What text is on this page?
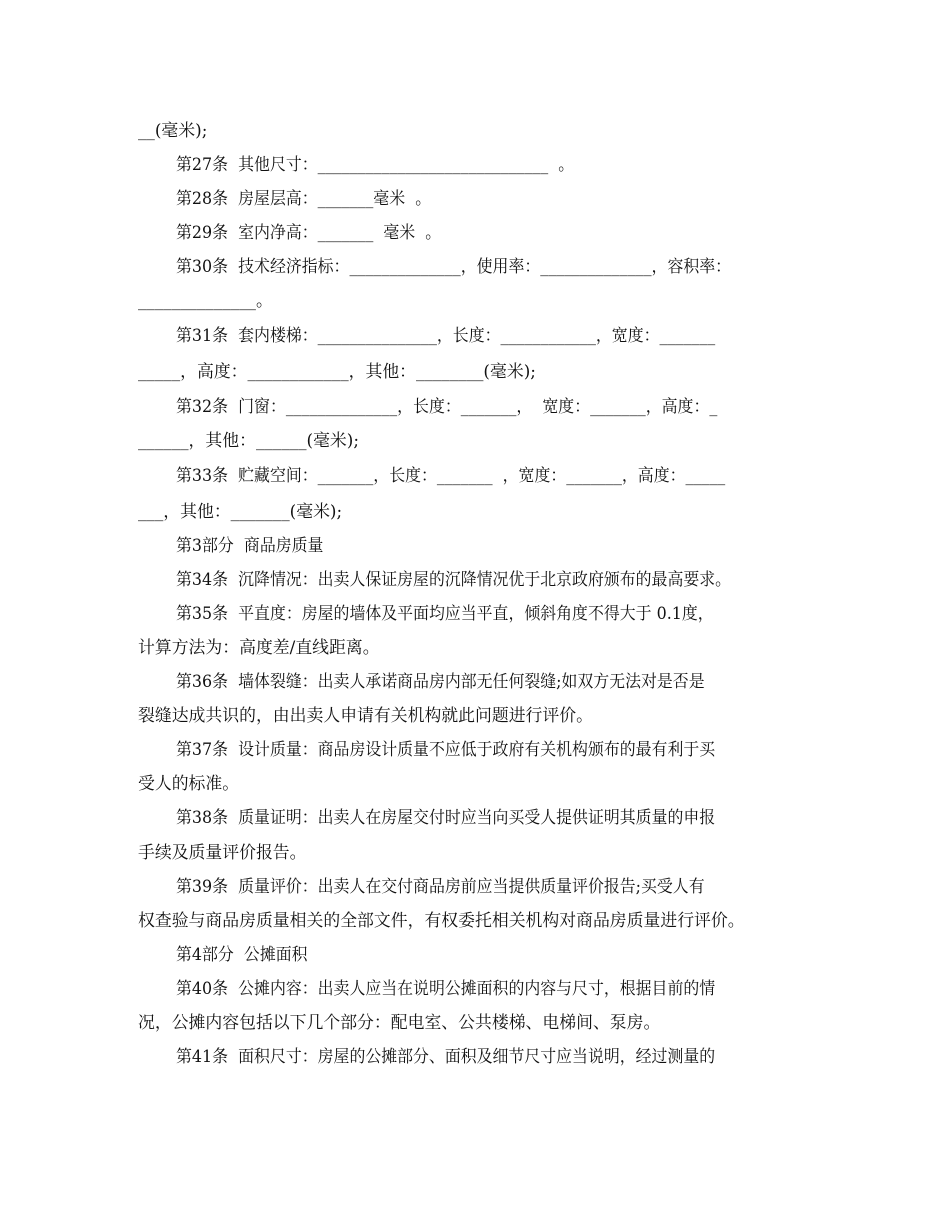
__(毫米);
第27条  其他尺寸：_____________________________  。
第28条  房屋层高：_______毫米  。
第29条  室内净高：_______  毫米  。
第30条  技术经济指标：______________，使用率：______________，容积率：
______________。
第31条  套内楼梯：_______________，长度：____________，宽度：_______
_____，高度：____________，其他：________(毫米);
第32条  门窗：______________，长度：_______，  宽度：_______，高度：_
______，其他：______(毫米);
第33条  贮藏空间：_______，长度：_______  ，宽度：_______，高度：_____
___，其他：_______(毫米);
第3部分  商品房质量
第34条  沉降情况：出卖人保证房屋的沉降情况优于北京政府颁布的最高要求。
第35条  平直度：房屋的墙体及平面均应当平直，倾斜角度不得大于 0.1度，
计算方法为：高度差/直线距离。
第36条  墙体裂缝：出卖人承诺商品房内部无任何裂缝;如双方无法对是否是
裂缝达成共识的，由出卖人申请有关机构就此问题进行评价。
第37条  设计质量：商品房设计质量不应低于政府有关机构颁布的最有利于买
受人的标准。
第38条  质量证明：出卖人在房屋交付时应当向买受人提供证明其质量的申报
手续及质量评价报告。
第39条  质量评价：出卖人在交付商品房前应当提供质量评价报告;买受人有
权查验与商品房质量相关的全部文件，有权委托相关机构对商品房质量进行评价。
第4部分  公摊面积
第40条  公摊内容：出卖人应当在说明公摊面积的内容与尺寸，根据目前的情
况，公摊内容包括以下几个部分：配电室、公共楼梯、电梯间、泵房。
第41条  面积尺寸：房屋的公摊部分、面积及细节尺寸应当说明，经过测量的
